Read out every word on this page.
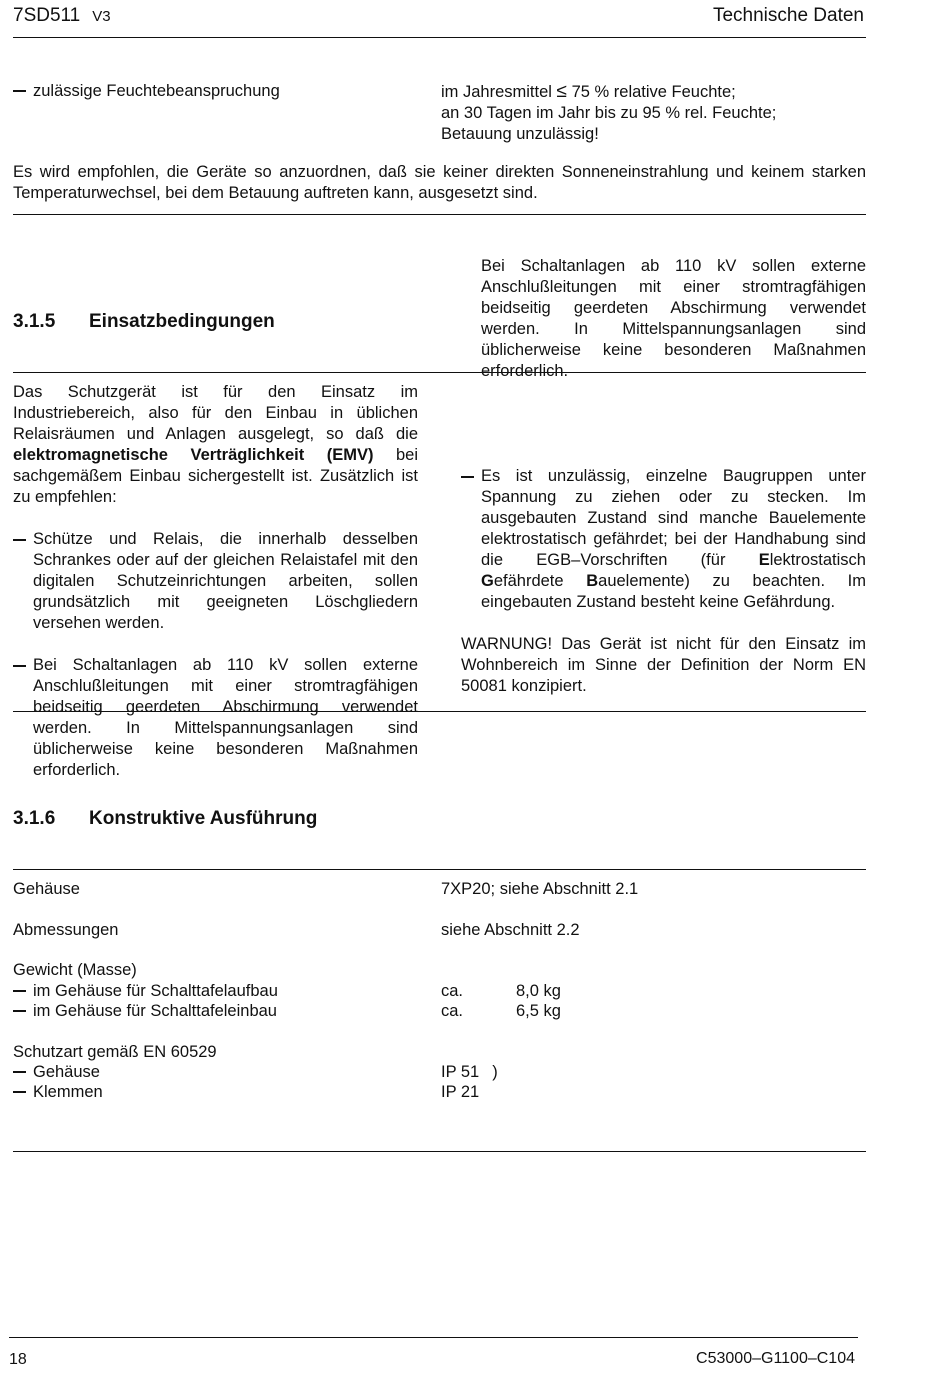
7SD511 V3	Technische Daten
zulässige Feuchtebeanspruchung	im Jahresmittel ≤ 75 % relative Feuchte;
an 30 Tagen im Jahr bis zu 95 % rel. Feuchte;
Betauung unzulässig!
Es wird empfohlen, die Geräte so anzuordnen, daß sie keiner direkten Sonneneinstrahlung und keinem starken Temperaturwechsel, bei dem Betauung auftreten kann, ausgesetzt sind.
3.1.5 Einsatzbedingungen

Das Schutzgerät ist für den Einsatz im Industriebereich, also für den Einbau in üblichen Relaisräumen und Anlagen ausgelegt, so daß die elektromagnetische Verträglichkeit (EMV) bei sachgemäßem Einbau sichergestellt ist. Zusätzlich ist zu empfehlen:

Schütze und Relais, die innerhalb desselben Schrankes oder auf der gleichen Relaistafel mit den digitalen Schutzeinrichtungen arbeiten, sollen grundsätzlich mit geeigneten Löschgliedern versehen werden.
Bei Schaltanlagen ab 110 kV sollen externe Anschlußleitungen mit einer stromtragfähigen beidseitig geerdeten Abschirmung verwendet werden. In Mittelspannungsanlagen sind üblicherweise keine besonderen Maßnahmen erforderlich.
Bei Schaltanlagen ab 110 kV sollen externe Anschlußleitungen mit einer stromtragfähigen beidseitig geerdeten Abschirmung verwendet werden. In Mittelspannungsanlagen sind üblicherweise keine besonderen Maßnahmen erforderlich.
Es ist unzulässig, einzelne Baugruppen unter Spannung zu ziehen oder zu stecken. Im ausgebauten Zustand sind manche Bauelemente elektrostatisch gefährdet; bei der Handhabung sind die EGB–Vorschriften (für Elektrostatisch Gefährdete Bauelemente) zu beachten. Im eingebauten Zustand besteht keine Gefährdung.

WARNUNG! Das Gerät ist nicht für den Einsatz im Wohnbereich im Sinne der Definition der Norm EN 50081 konzipiert.

3.1.6 Konstruktive Ausführung
Gehäuse	7XP20; siehe Abschnitt 2.1
Abmessungen	siehe Abschnitt 2.2
Gewicht (Masse)
im Gehäuse für Schalttafelaufbau	ca.	8,0 kg
im Gehäuse für Schalttafeleinbau	ca.	6,5 kg
Schutzart gemäß EN 60529
Gehäuse	IP 51 )
Klemmen	IP 21
18	C53000–G1100–C104
